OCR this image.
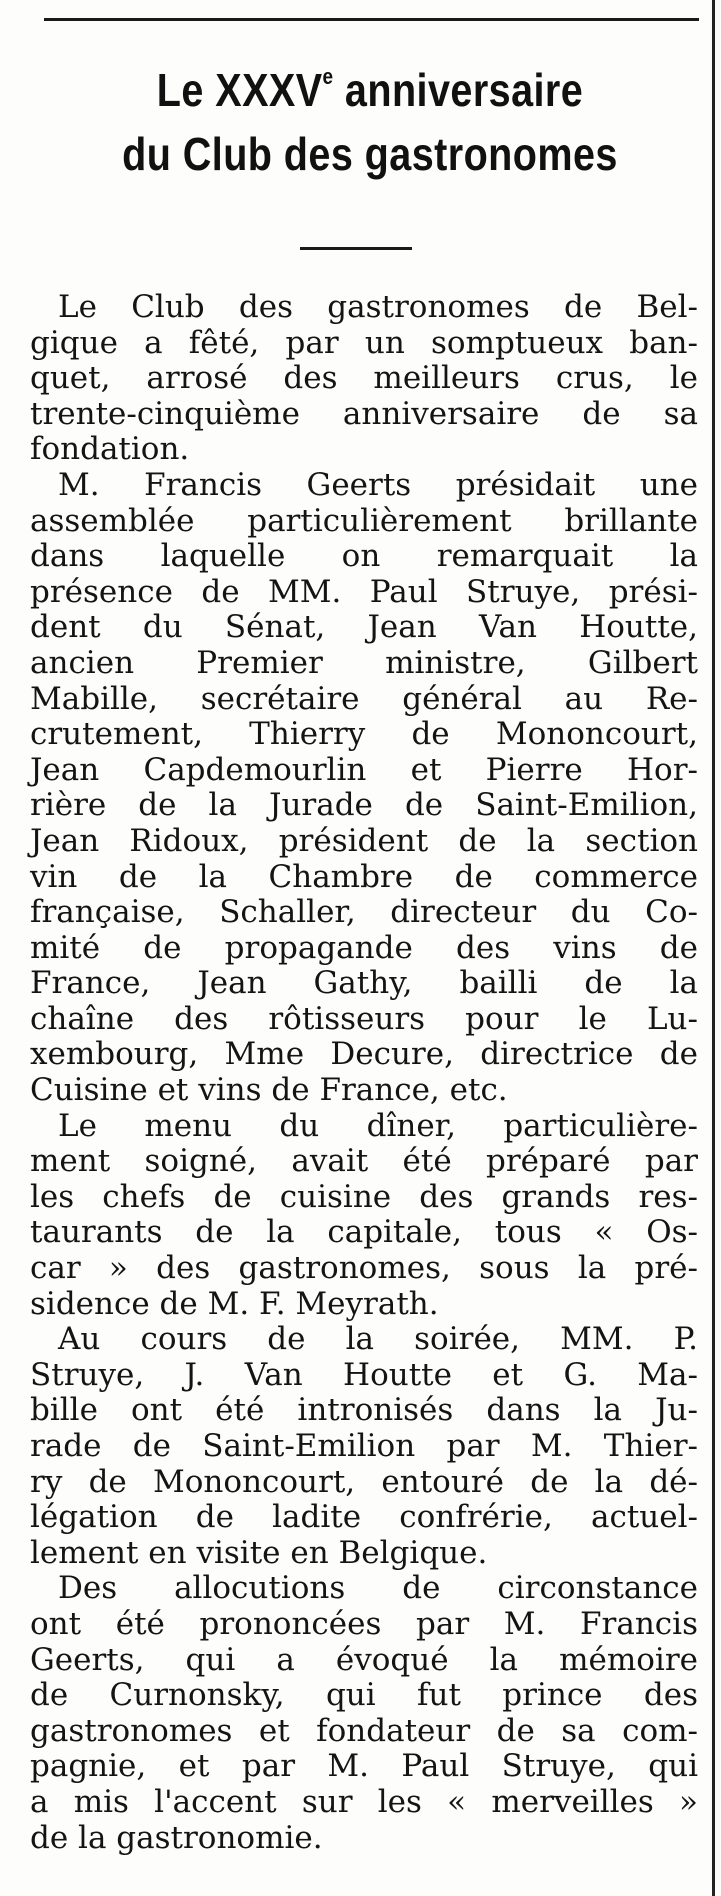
Le XXXVe anniversaire
du Club des gastronomes
Le Club des gastronomes de Bel-
gique a fêté, par un somptueux ban-
quet, arrosé des meilleurs crus, le
trente-cinquième anniversaire de sa
fondation.
M. Francis Geerts présidait une
assemblée particulièrement brillante
dans laquelle on remarquait la
présence de MM. Paul Struye, prési-
dent du Sénat, Jean Van Houtte,
ancien Premier ministre, Gilbert
Mabille, secrétaire général au Re-
crutement, Thierry de Mononcourt,
Jean Capdemourlin et Pierre Hor-
rière de la Jurade de Saint-Emilion,
Jean Ridoux, président de la section
vin de la Chambre de commerce
française, Schaller, directeur du Co-
mité de propagande des vins de
France, Jean Gathy, bailli de la
chaîne des rôtisseurs pour le Lu-
xembourg, Mme Decure, directrice de
Cuisine et vins de France, etc.
Le menu du dîner, particulière-
ment soigné, avait été préparé par
les chefs de cuisine des grands res-
taurants de la capitale, tous « Os-
car » des gastronomes, sous la pré-
sidence de M. F. Meyrath.
Au cours de la soirée, MM. P.
Struye, J. Van Houtte et G. Ma-
bille ont été intronisés dans la Ju-
rade de Saint-Emilion par M. Thier-
ry de Mononcourt, entouré de la dé-
légation de ladite confrérie, actuel-
lement en visite en Belgique.
Des allocutions de circonstance
ont été prononcées par M. Francis
Geerts, qui a évoqué la mémoire
de Curnonsky, qui fut prince des
gastronomes et fondateur de sa com-
pagnie, et par M. Paul Struye, qui
a mis l'accent sur les « merveilles »
de la gastronomie.
